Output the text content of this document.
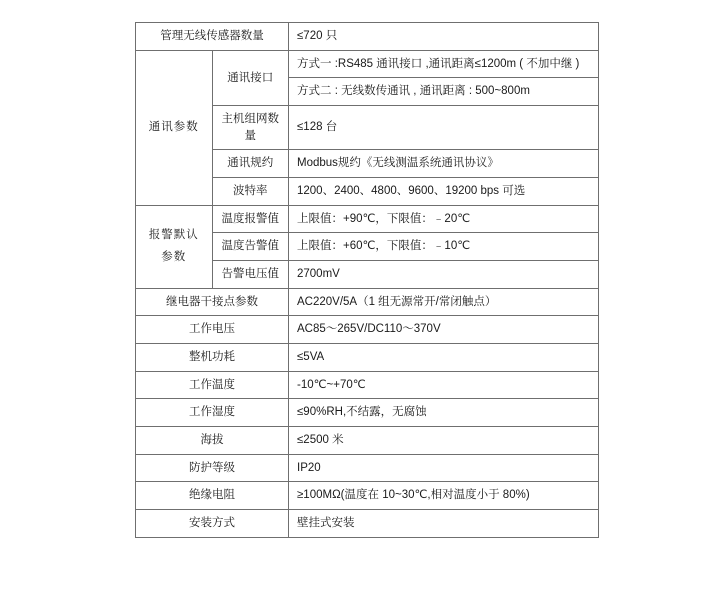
管理无线传感器数量		≤720 只
通讯参数	通讯接口	方式一 :RS485 通讯接口 ,通讯距离≤1200m ( 不加中继 )
		方式二 : 无线数传通讯 , 通讯距离 : 500~800m
	主机组网数量	≤128 台
	通讯规约	Modbus规约《无线测温系统通讯协议》
	波特率	1200、2400、4800、9600、19200 bps 可选

报警默认
参数	温度报警值	上限值：+90℃，下限值：﹣20℃
	温度告警值	上限值：+60℃，下限值：﹣10℃
	告警电压值	2700mV
继电器干接点参数		AC220V/5A（1 组无源常开/常闭触点）
工作电压		AC85～265V/DC110～370V
整机功耗		≤5VA
工作温度		-10℃~+70℃
工作湿度		≤90%RH,不结露，无腐蚀
海拔		≤2500 米
防护等级		IP20
绝缘电阻		≥100MΩ(温度在 10~30℃,相对温度小于 80%)
安装方式		壁挂式安装
